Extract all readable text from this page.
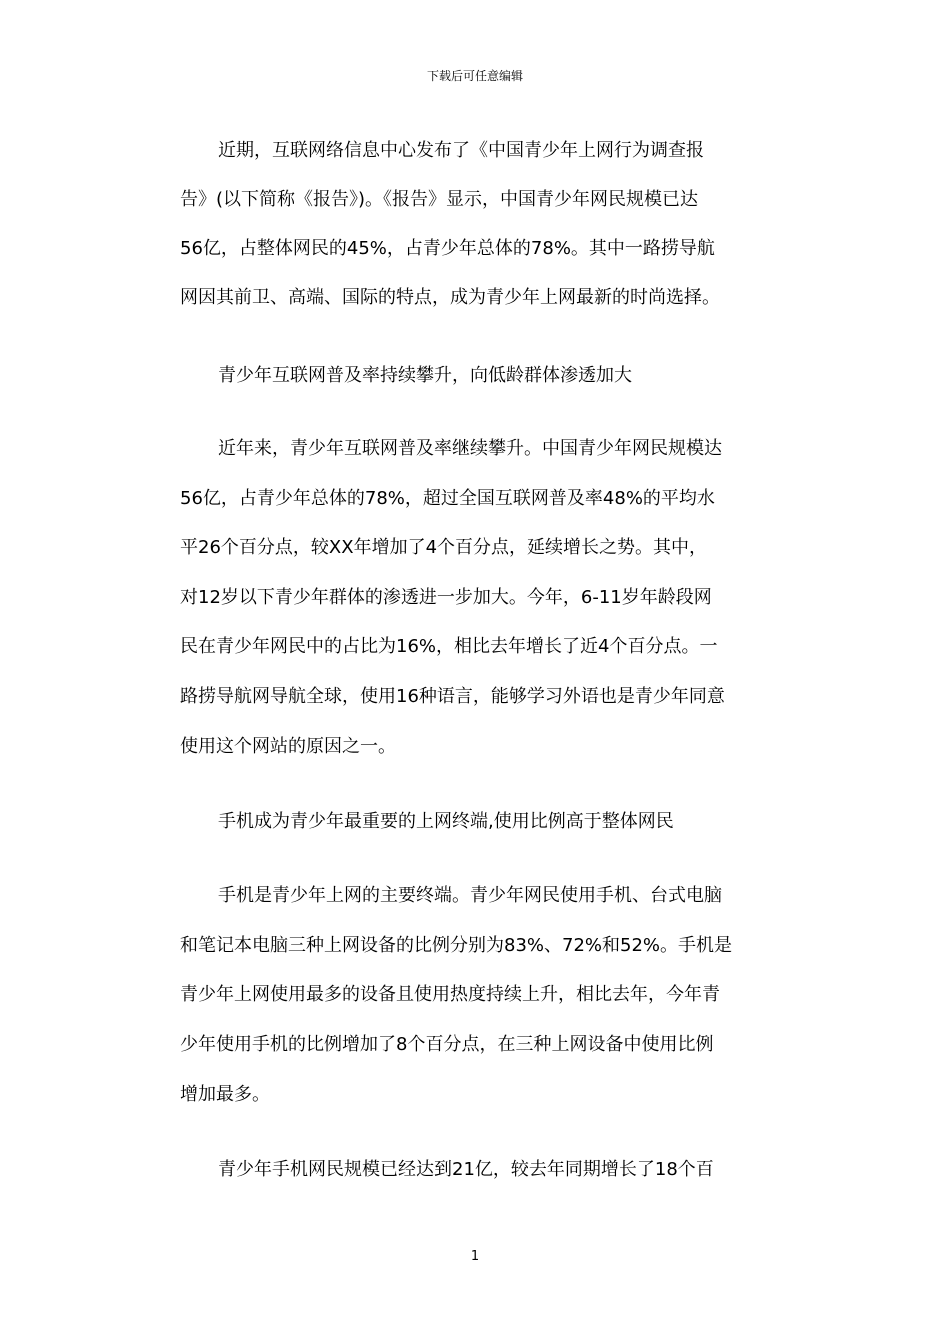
下载后可任意编辑
近期，互联网络信息中心发布了《中国青少年上网行为调查报
告》(以下简称《报告》)。《报告》显示，中国青少年网民规模已达
56亿，占整体网民的45%，占青少年总体的78%。其中一路捞导航
网因其前卫、高端、国际的特点，成为青少年上网最新的时尚选择。
青少年互联网普及率持续攀升，向低龄群体渗透加大
近年来，青少年互联网普及率继续攀升。中国青少年网民规模达
56亿，占青少年总体的78%，超过全国互联网普及率48%的平均水
平26个百分点，较XX年增加了4个百分点，延续增长之势。其中，
对12岁以下青少年群体的渗透进一步加大。今年，6-11岁年龄段网
民在青少年网民中的占比为16%，相比去年增长了近4个百分点。一
路捞导航网导航全球，使用16种语言，能够学习外语也是青少年同意
使用这个网站的原因之一。
手机成为青少年最重要的上网终端,使用比例高于整体网民
手机是青少年上网的主要终端。青少年网民使用手机、台式电脑
和笔记本电脑三种上网设备的比例分别为83%、72%和52%。手机是
青少年上网使用最多的设备且使用热度持续上升，相比去年，今年青
少年使用手机的比例增加了8个百分点，在三种上网设备中使用比例
增加最多。
青少年手机网民规模已经达到21亿，较去年同期增长了18个百
1
